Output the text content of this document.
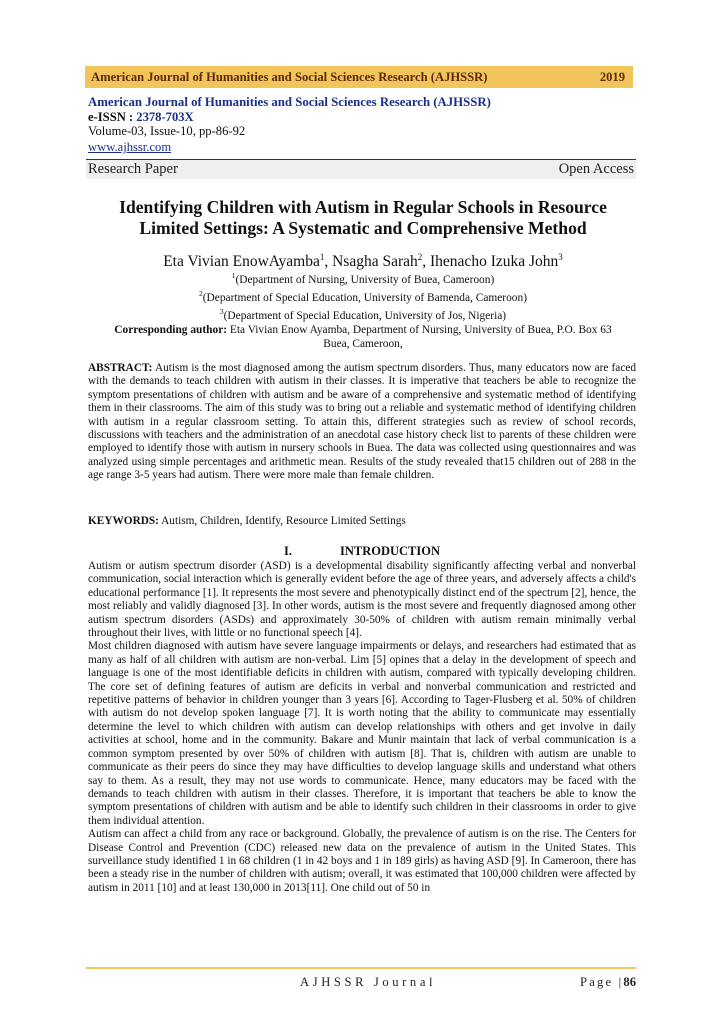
American Journal of Humanities and Social Sciences Research (AJHSSR)	2019
American Journal of Humanities and Social Sciences Research (AJHSSR)
e-ISSN : 2378-703X
Volume-03, Issue-10, pp-86-92
www.ajhssr.com
Research Paper	Open Access
Identifying Children with Autism in Regular Schools in Resource
Limited Settings: A Systematic and Comprehensive Method
Eta Vivian EnowAyamba$^1$, Nsagha Sarah$^2$, Ihenacho Izuka John$^3$
$^1$(Department of Nursing, University of Buea, Cameroon)
$^2$(Department of Special Education, University of Bamenda, Cameroon)
$^3$(Department of Special Education, University of Jos, Nigeria)
Corresponding author: Eta Vivian Enow Ayamba, Department of Nursing, University of Buea, P.O. Box 63
Buea, Cameroon,
ABSTRACT: Autism is the most diagnosed among the autism spectrum disorders. Thus, many educators now are faced with the demands to teach children with autism in their classes. It is imperative that teachers be able to recognize the symptom presentations of children with autism and be aware of a comprehensive and systematic method of identifying them in their classrooms. The aim of this study was to bring out a reliable and systematic method of identifying children with autism in a regular classroom setting. To attain this, different strategies such as review of school records, discussions with teachers and the administration of an anecdotal case history check list to parents of these children were employed to identify those with autism in nursery schools in Buea. The data was collected using questionnaires and was analyzed using simple percentages and arithmetic mean. Results of the study revealed that15 children out of 288 in the age range 3-5 years had autism. There were more male than female children.
KEYWORDS: Autism, Children, Identify, Resource Limited Settings
I.	INTRODUCTION

Autism or autism spectrum disorder (ASD) is a developmental disability significantly affecting verbal and nonverbal communication, social interaction which is generally evident before the age of three years, and adversely affects a child's educational performance [1]. It represents the most severe and phenotypically distinct end of the spectrum [2], hence, the most reliably and validly diagnosed [3]. In other words, autism is the most severe and frequently diagnosed among other autism spectrum disorders (ASDs) and approximately 30-50% of children with autism remain minimally verbal throughout their lives, with little or no functional speech [4].

Most children diagnosed with autism have severe language impairments or delays, and researchers had estimated that as many as half of all children with autism are non-verbal. Lim [5] opines that a delay in the development of speech and language is one of the most identifiable deficits in children with autism, compared with typically developing children. The core set of defining features of autism are deficits in verbal and nonverbal communication and restricted and repetitive patterns of behavior in children younger than 3 years [6]. According to Tager-Flusberg et al. 50% of children with autism do not develop spoken language [7]. It is worth noting that the ability to communicate may essentially determine the level to which children with autism can develop relationships with others and get involve in daily activities at school, home and in the community. Bakare and Munir maintain that lack of verbal communication is a common symptom presented by over 50% of children with autism [8]. That is, children with autism are unable to communicate as their peers do since they may have difficulties to develop language skills and understand what others say to them. As a result, they may not use words to communicate. Hence, many educators may be faced with the demands to teach children with autism in their classes. Therefore, it is important that teachers be able to know the symptom presentations of children with autism and be able to identify such children in their classrooms in order to give them individual attention.

Autism can affect a child from any race or background. Globally, the prevalence of autism is on the rise. The Centers for Disease Control and Prevention (CDC) released new data on the prevalence of autism in the United States. This surveillance study identified 1 in 68 children (1 in 42 boys and 1 in 189 girls) as having ASD [9]. In Cameroon, there has been a steady rise in the number of children with autism; overall, it was estimated that 100,000 children were affected by autism in 2011 [10] and at least 130,000 in 2013[11]. One child out of 50 in

AJHSSR Journal	Page |86
